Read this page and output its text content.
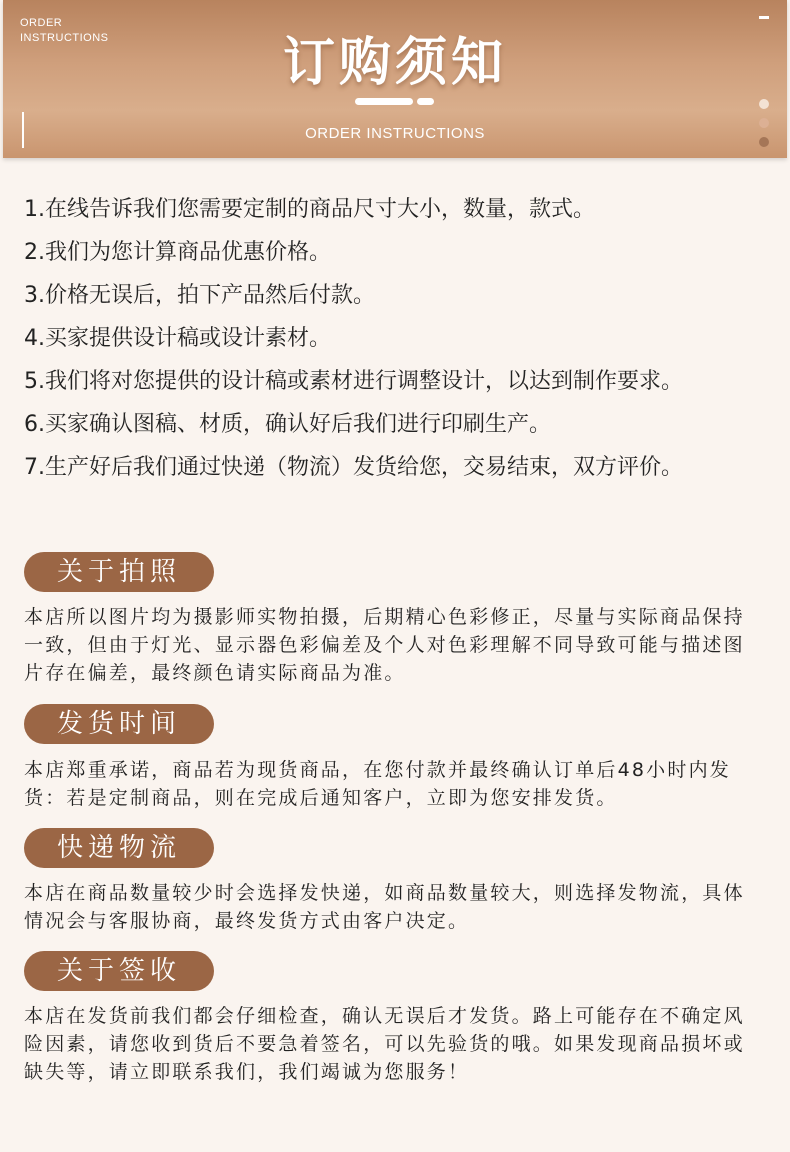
ORDER
INSTRUCTIONS	订购须知
ORDER INSTRUCTIONS
1.在线告诉我们您需要定制的商品尺寸大小，数量，款式。
2.我们为您计算商品优惠价格。
3.价格无误后，拍下产品然后付款。
4.买家提供设计稿或设计素材。
5.我们将对您提供的设计稿或素材进行调整设计，以达到制作要求。
6.买家确认图稿、材质，确认好后我们进行印刷生产。
7.生产好后我们通过快递（物流）发货给您，交易结束，双方评价。
关于拍照
本店所以图片均为摄影师实物拍摄，后期精心色彩修正，尽量与实际商品保持一致，但由于灯光、显示器色彩偏差及个人对色彩理解不同导致可能与描述图片存在偏差，最终颜色请实际商品为准。
发货时间
本店郑重承诺，商品若为现货商品，在您付款并最终确认订单后48小时内发货：若是定制商品，则在完成后通知客户，立即为您安排发货。
快递物流
本店在商品数量较少时会选择发快递，如商品数量较大，则选择发物流，具体情况会与客服协商，最终发货方式由客户决定。
关于签收
本店在发货前我们都会仔细检查，确认无误后才发货。路上可能存在不确定风险因素，请您收到货后不要急着签名，可以先验货的哦。如果发现商品损坏或缺失等，请立即联系我们，我们竭诚为您服务！
